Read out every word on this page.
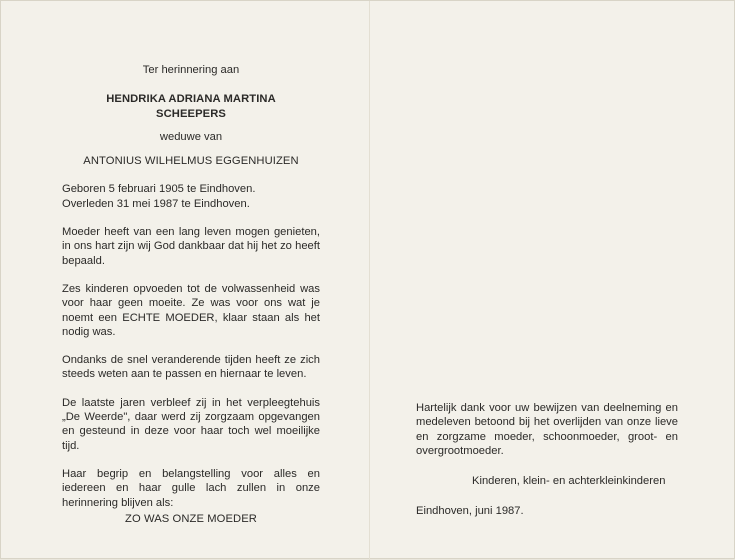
Ter herinnering aan

HENDRIKA ADRIANA MARTINA

SCHEEPERS

weduwe van

ANTONIUS WILHELMUS EGGENHUIZEN

Geboren 5 februari 1905 te Eindhoven.

Overleden 31 mei 1987 te Eindhoven.

Moeder heeft van een lang leven mogen genieten, in ons hart zijn wij God dankbaar dat hij het zo heeft bepaald.

Zes kinderen opvoeden tot de volwassenheid was voor haar geen moeite. Ze was voor ons wat je noemt een ECHTE MOEDER, klaar staan als het nodig was.

Ondanks de snel veranderende tijden heeft ze zich steeds weten aan te passen en hiernaar te leven.

De laatste jaren verbleef zij in het verpleegtehuis „De Weerde", daar werd zij zorgzaam opgevangen en gesteund in deze voor haar toch wel moeilijke tijd.

Haar begrip en belangstelling voor alles en iedereen en haar gulle lach zullen in onze herinnering blijven als:

ZO WAS ONZE MOEDER

Hartelijk dank voor uw bewijzen van deelneming en medeleven betoond bij het overlijden van onze lieve en zorgzame moeder, schoonmoeder, groot- en overgrootmoeder.

Kinderen, klein- en achterkleinkinderen

Eindhoven, juni 1987.
